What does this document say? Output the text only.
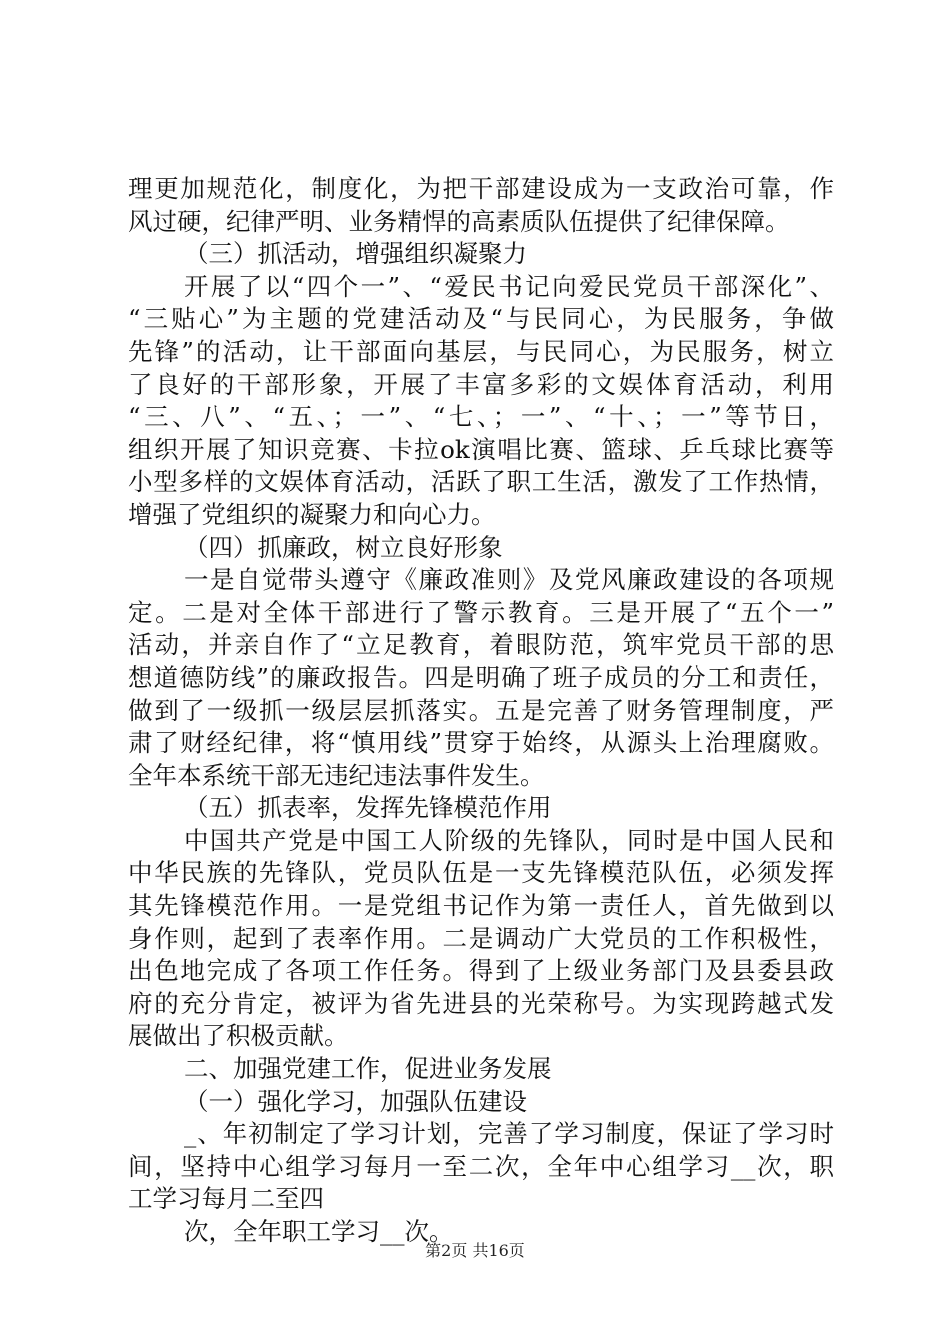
理更加规范化，制度化，为把干部建设成为一支政治可靠，作
风过硬，纪律严明、业务精悍的高素质队伍提供了纪律保障。
（三）抓活动，增强组织凝聚力
开展了以“四个一”、“爱民书记向爱民党员干部深化”、
“三贴心”为主题的党建活动及“与民同心，为民服务，争做
先锋”的活动，让干部面向基层，与民同心，为民服务，树立
了良好的干部形象，开展了丰富多彩的文娱体育活动，利用
“三、八”、“五、；一”、“七、；一”、“十、；一”等节日，
组织开展了知识竞赛、卡拉ok演唱比赛、篮球、乒乓球比赛等
小型多样的文娱体育活动，活跃了职工生活，激发了工作热情，
增强了党组织的凝聚力和向心力。
（四）抓廉政，树立良好形象
一是自觉带头遵守《廉政准则》及党风廉政建设的各项规
定。二是对全体干部进行了警示教育。三是开展了“五个一”
活动，并亲自作了“立足教育，着眼防范，筑牢党员干部的思
想道德防线”的廉政报告。四是明确了班子成员的分工和责任，
做到了一级抓一级层层抓落实。五是完善了财务管理制度，严
肃了财经纪律，将“慎用线”贯穿于始终，从源头上治理腐败。
全年本系统干部无违纪违法事件发生。
（五）抓表率，发挥先锋模范作用
中国共产党是中国工人阶级的先锋队，同时是中国人民和
中华民族的先锋队，党员队伍是一支先锋模范队伍，必须发挥
其先锋模范作用。一是党组书记作为第一责任人，首先做到以
身作则，起到了表率作用。二是调动广大党员的工作积极性，
出色地完成了各项工作任务。得到了上级业务部门及县委县政
府的充分肯定，被评为省先进县的光荣称号。为实现跨越式发
展做出了积极贡献。
二、加强党建工作，促进业务发展
（一）强化学习，加强队伍建设
_、年初制定了学习计划，完善了学习制度，保证了学习时
间，坚持中心组学习每月一至二次，全年中心组学习__次，职
工学习每月二至四
次，全年职工学习__次。
第2页 共16页
